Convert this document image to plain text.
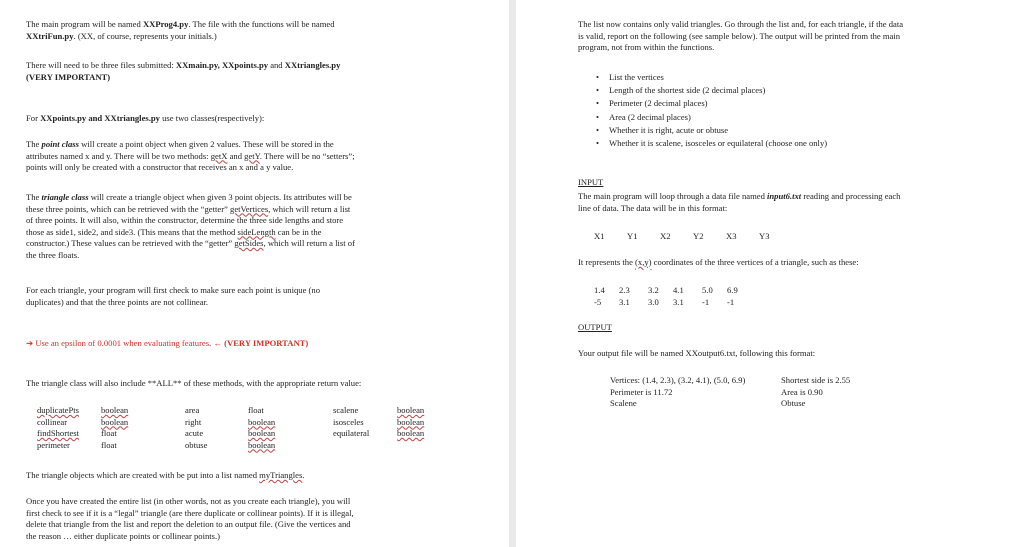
The main program will be named XXProg4.py. The file with the functions will be named
XXtriFun.py. (XX, of course, represents your initials.)

There will need to be three files submitted: XXmain.py, XXpoints.py and XXtriangles.py
(VERY IMPORTANT)

For XXpoints.py and XXtriangles.py use two classes(respectively):

The point class will create a point object when given 2 values. These will be stored in the
attributes named x and y. There will be two methods: getX and getY. There will be no “setters”;
points will only be created with a constructor that receives an x and a y value.

The triangle class will create a triangle object when given 3 point objects. Its attributes will be
these three points, which can be retrieved with the “getter” getVertices, which will return a list
of three points. It will also, within the constructor, determine the three side lengths and store
those as side1, side2, and side3. (This means that the method sideLength can be in the
constructor.) These values can be retrieved with the “getter” getSides, which will return a list of
the three floats.

For each triangle, your program will first check to make sure each point is unique (no
duplicates) and that the three points are not collinear.

➔ Use an epsilon of 0.0001 when evaluating features. ← (VERY IMPORTANT)

The triangle class will also include **ALL** of these methods, with the appropriate return value:

duplicatePts	boolean	area	float	scalene	boolean
collinear	boolean	right	boolean	isosceles	boolean
findShortest	float	acute	boolean	equilateral	boolean
perimeter	float	obtuse	boolean

The triangle objects which are created with be put into a list named myTriangles.

Once you have created the entire list (in other words, not as you create each triangle), you will
first check to see if it is a “legal” triangle (are there duplicate or collinear points). If it is illegal,
delete that triangle from the list and report the deletion to an output file. (Give the vertices and
the reason … either duplicate points or collinear points.)

The list now contains only valid triangles. Go through the list and, for each triangle, if the data
is valid, report on the following (see sample below). The output will be printed from the main
program, not from within the functions.

• List the vertices
• Length of the shortest side (2 decimal places)
• Perimeter (2 decimal places)
• Area (2 decimal places)
• Whether it is right, acute or obtuse
• Whether it is scalene, isosceles or equilateral (choose one only)

INPUT

The main program will loop through a data file named input6.txt reading and processing each
line of data. The data will be in this format:

X1	Y1	X2	Y2	X3	Y3

It represents the (x,y) coordinates of the three vertices of a triangle, such as these:

1.4	2.3	3.2	4.1	5.0	6.9
-5	3.1	3.0	3.1	-1	-1

OUTPUT

Your output file will be named XXoutput6.txt, following this format:

Vertices: (1.4, 2.3), (3.2, 4.1), (5.0, 6.9)
Perimeter is 11.72
Scalene
Shortest side is 2.55
Area is 0.90
Obtuse
